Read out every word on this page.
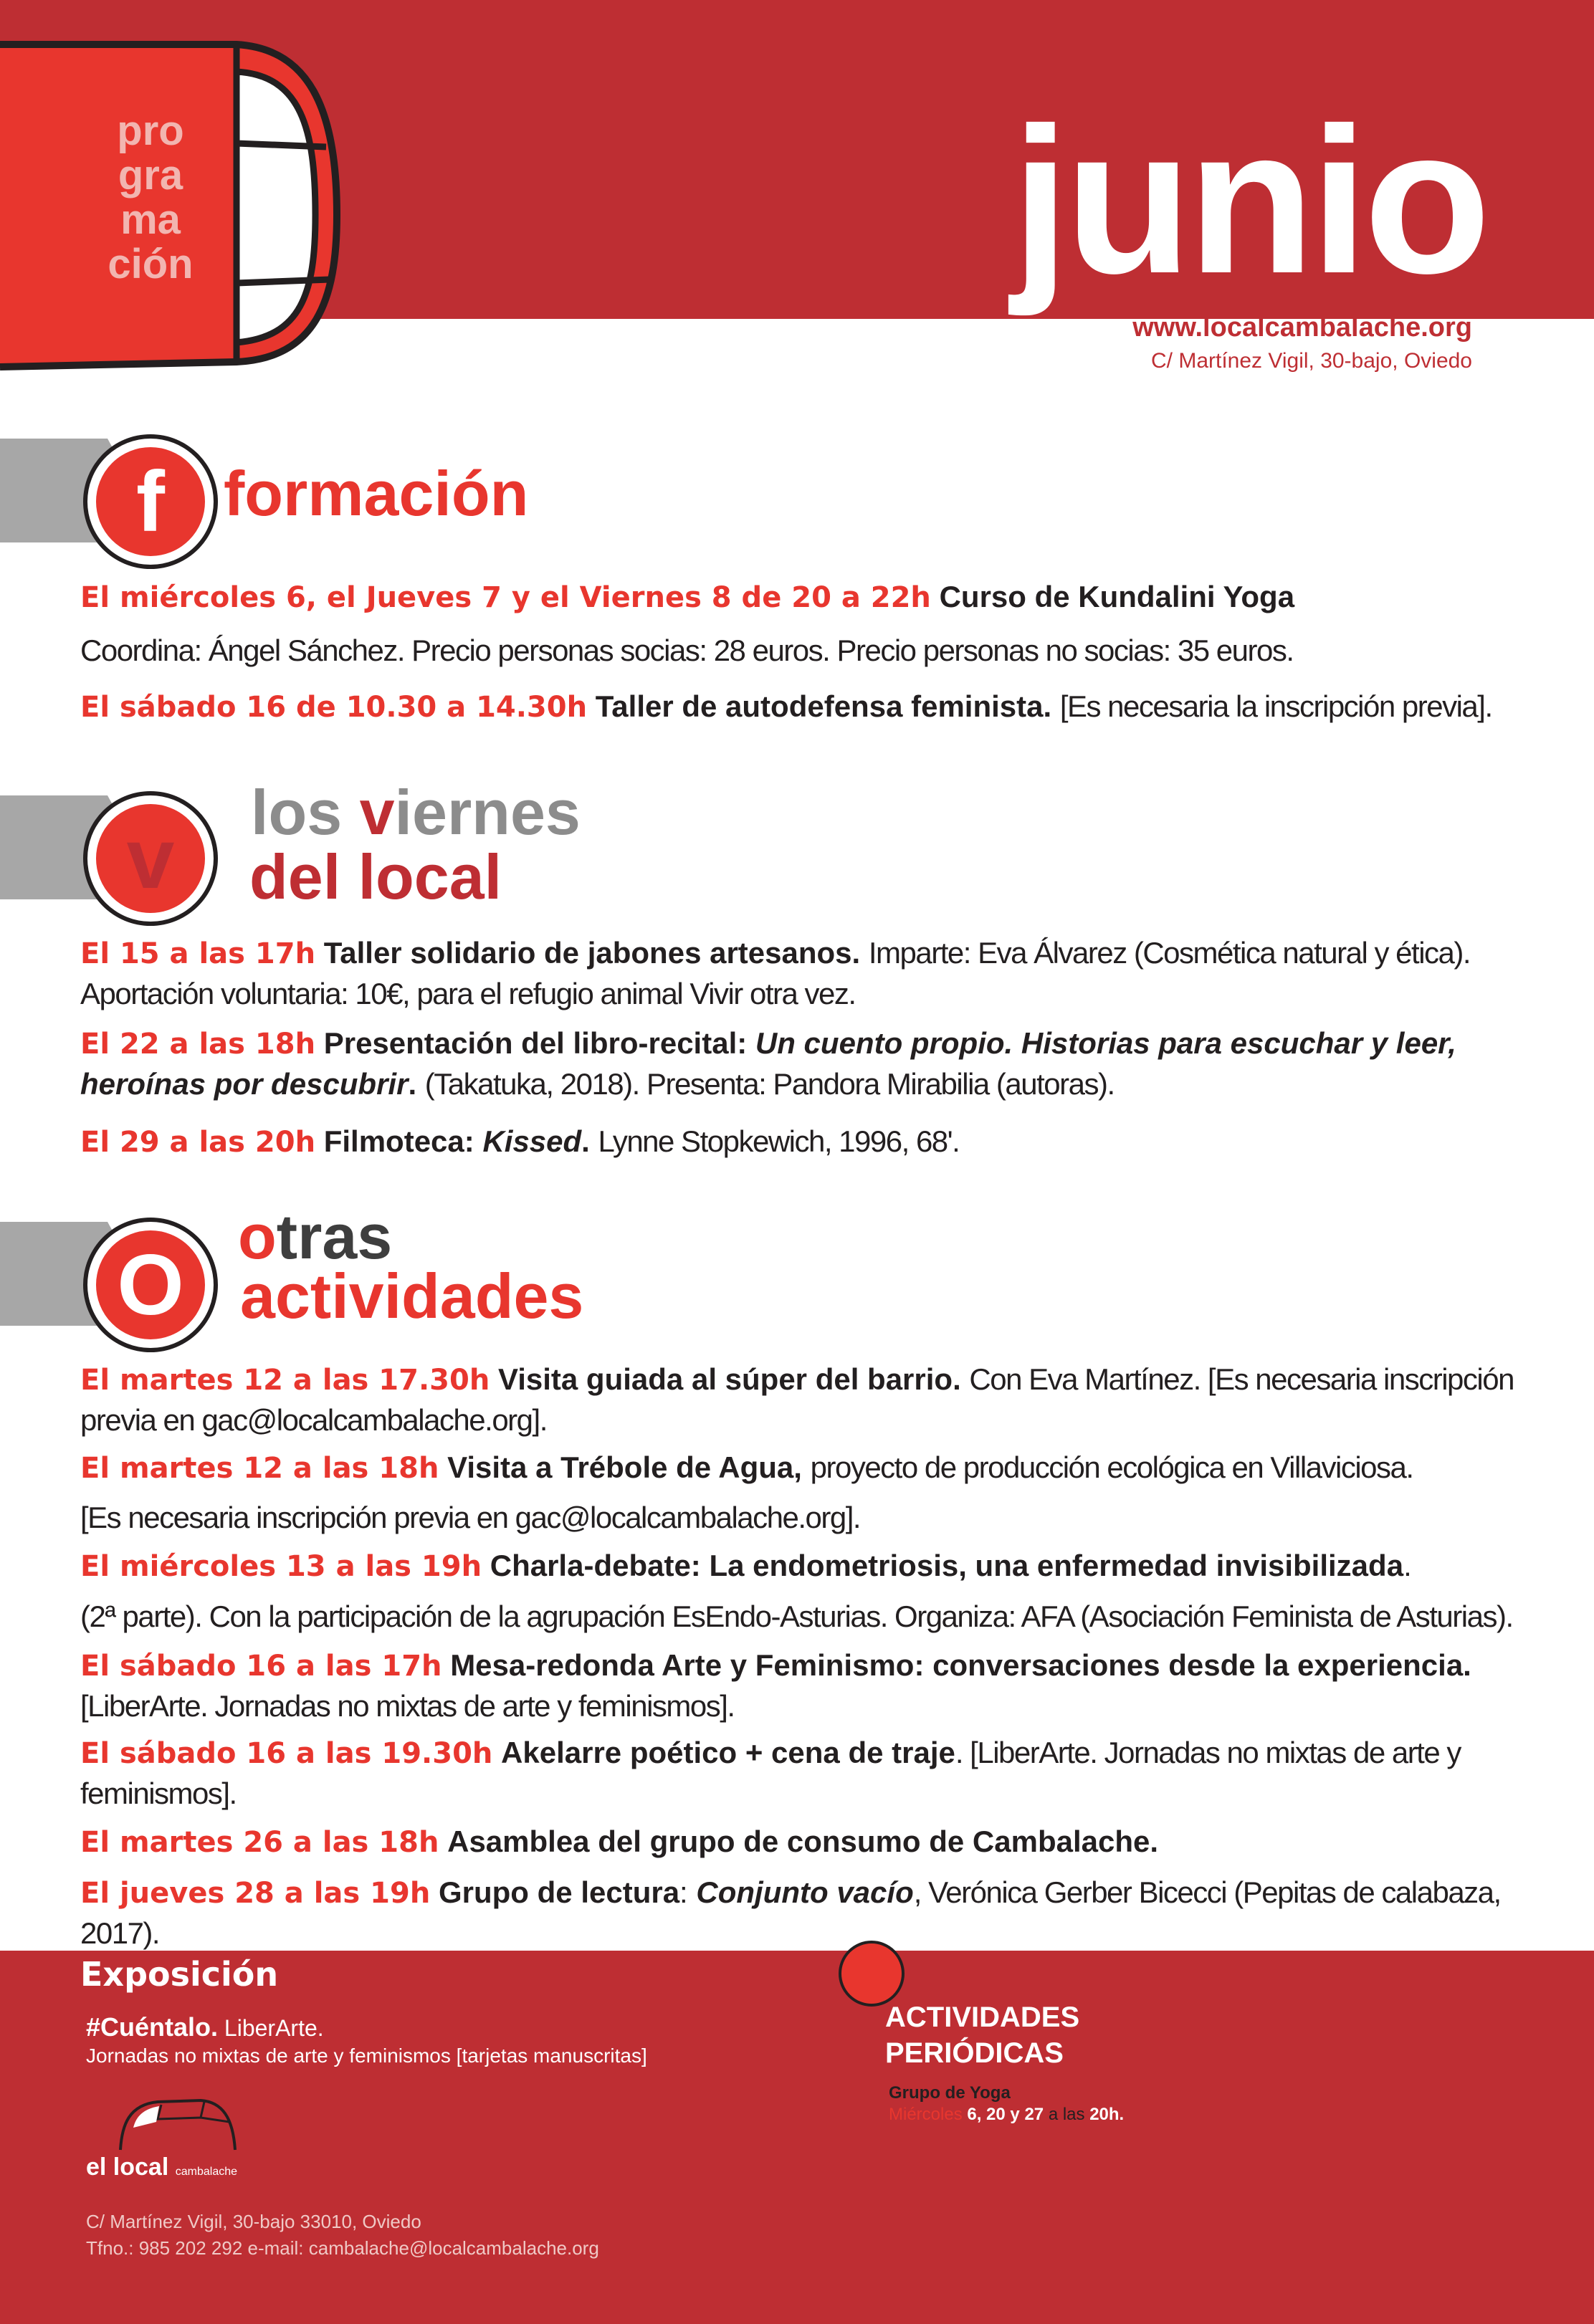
pro
gra
ma
ción	junio
www.localcambalache.org
C/ Martínez Vigil, 30-bajo, Oviedo
f formación
El miércoles 6, el Jueves 7 y el Viernes 8 de 20 a 22h Curso de Kundalini Yoga
Coordina: Ángel Sánchez. Precio personas socias: 28 euros. Precio personas no socias: 35 euros.
El sábado 16 de 10.30 a 14.30h Taller de autodefensa feminista. [Es necesaria la inscripción previa].
v los viernes
del local
El 15 a las 17h Taller solidario de jabones artesanos. Imparte: Eva Álvarez (Cosmética natural y ética).
Aportación voluntaria: 10€, para el refugio animal Vivir otra vez.
El 22 a las 18h Presentación del libro-recital: Un cuento propio. Historias para escuchar y leer, heroínas por descubrir. (Takatuka, 2018). Presenta: Pandora Mirabilia (autoras).
El 29 a las 20h Filmoteca: Kissed. Lynne Stopkewich, 1996, 68'.
O
otras
actividades
El martes 12 a las 17.30h Visita guiada al súper del barrio. Con Eva Martínez. [Es necesaria inscripción previa en gac@localcambalache.org].
El martes 12 a las 18h Visita a Trébole de Agua, proyecto de producción ecológica en Villaviciosa.
[Es necesaria inscripción previa en gac@localcambalache.org].
El miércoles 13 a las 19h Charla-debate: La endometriosis, una enfermedad invisibilizada.
(2ª parte). Con la participación de la agrupación EsEndo-Asturias. Organiza: AFA (Asociación Feminista de Asturias).
El sábado 16 a las 17h Mesa-redonda Arte y Feminismo: conversaciones desde la experiencia. [LiberArte. Jornadas no mixtas de arte y feminismos].
El sábado 16 a las 19.30h Akelarre poético + cena de traje. [LiberArte. Jornadas no mixtas de arte y feminismos].
El martes 26 a las 18h Asamblea del grupo de consumo de Cambalache.
El jueves 28 a las 19h Grupo de lectura: Conjunto vacío, Verónica Gerber Bicecci (Pepitas de calabaza, 2017).
Exposición
#Cuéntalo. LiberArte.
Jornadas no mixtas de arte y feminismos [tarjetas manuscritas]
el local cambalache
C/ Martínez Vigil, 30-bajo 33010, Oviedo
Tfno.: 985 202 292 e-mail: cambalache@localcambalache.org
ACTIVIDADES
PERIÓDICAS
Grupo de Yoga
Miércoles 6, 20 y 27 a las 20h.
